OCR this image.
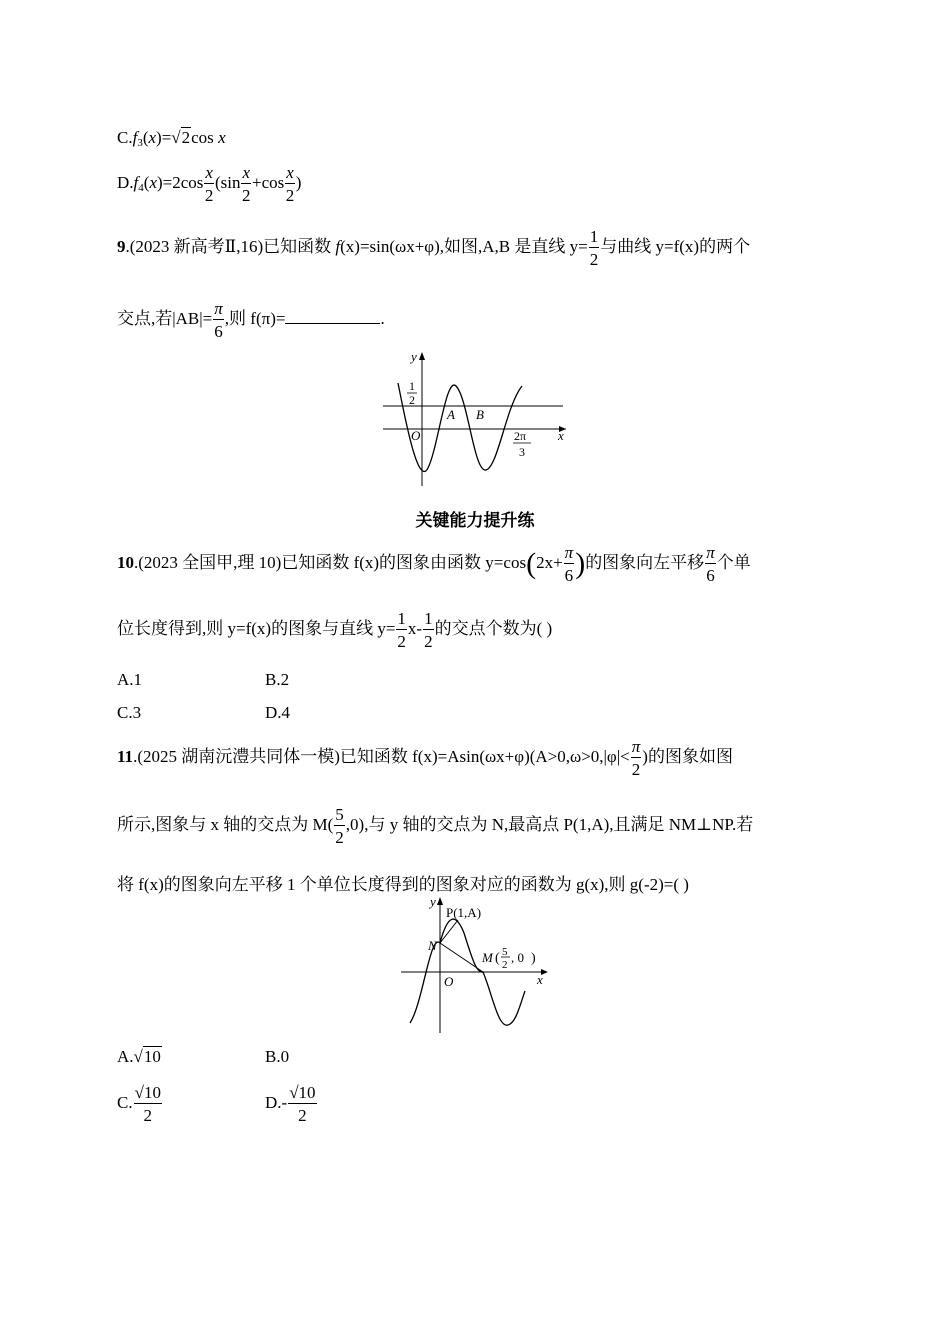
$C.f_3(x)=√2\cos$ x
$D.f_4(x)=2\cos \frac{x}{2} (\sin \frac{x}{2} +\cos \frac{x}{2}$ )
9.(2023 新高考Ⅱ,16)已知函数 f(x)=sin(ωx+φ),如图,A,B 是直线 $y= \frac{1}{2}$ 与曲线 y=f(x)的两个
交点,若$|AB|= \frac{\pi}{6}$ ,则 f(π)=	.
y
x
O
1
2
A B
2π
3
关键能力提升练
10.(2023 全国甲,理 10)已知函数 f(x)的图象由函数 $y=\cos(2x+ \frac{\pi}{6}$ )的图象向左平移 $\frac{\pi}{6}$ 个单
位长度得到,则 y=f(x)的图象与直线 $y= \frac{1}{2} x- \frac{1}{2}$ 的交点个数为( )
A.1	B.2
C.3	D.4
11.(2025 湖南沅澧共同体一模)已知函数 $f(x)=Asin(\omega x+\varphi)(A>0,\omega>0,|\varphi|< \frac{\pi}{2}$ )的图象如图
所示,图象与 x 轴的交点为 $M( \frac{5}{2} ,0)$,与 y 轴的交点为 N,最高点 P(1,A),且满足 NM⊥NP.若
将 f(x)的图象向左平移 1 个单位长度得到的图象对应的函数为 g(x),则 g(-2)=( )
y
x
O
N
P(1,A)
M ( 5
2 , 0 )
A.√10	B.0
C. $\frac{√10}{2}$	$D.- \frac{√10}{2}$
